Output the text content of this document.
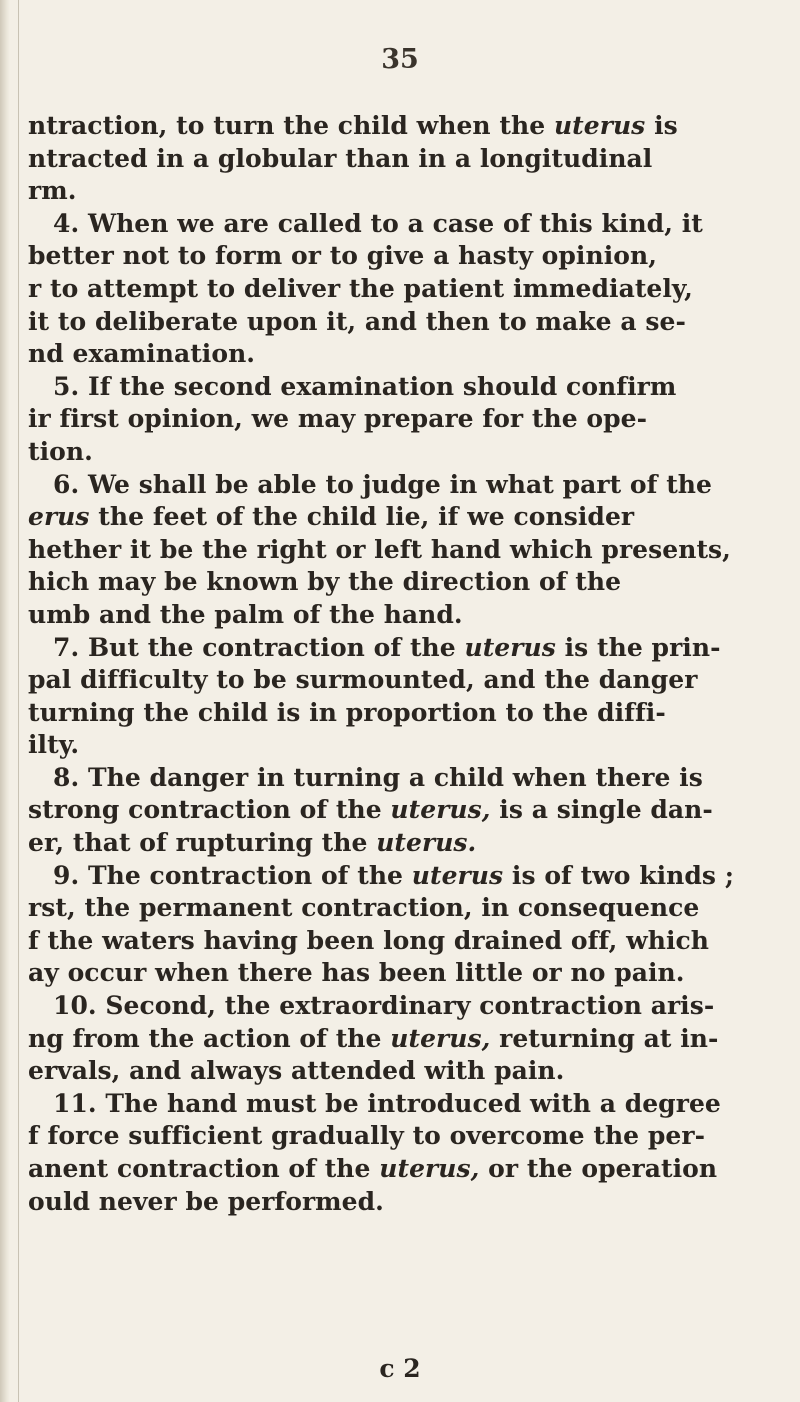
35
ntraction, to turn the child when the uterus is
ntracted in a globular than in a longitudinal
rm.
4. When we are called to a case of this kind, it
better not to form or to give a hasty opinion,
r to attempt to deliver the patient immediately,
it to deliberate upon it, and then to make a se-
nd examination.
5. If the second examination should confirm
ir first opinion, we may prepare for the ope-
tion.
6. We shall be able to judge in what part of the
erus the feet of the child lie, if we consider
hether it be the right or left hand which presents,
hich may be known by the direction of the
umb and the palm of the hand.
7. But the contraction of the uterus is the prin-
pal difficulty to be surmounted, and the danger
turning the child is in proportion to the diffi-
ilty.
8. The danger in turning a child when there is
strong contraction of the uterus, is a single dan-
er, that of rupturing the uterus.
9. The contraction of the uterus is of two kinds ;
rst, the permanent contraction, in consequence
f the waters having been long drained off, which
ay occur when there has been little or no pain.
10. Second, the extraordinary contraction aris-
ng from the action of the uterus, returning at in-
ervals, and always attended with pain.
11. The hand must be introduced with a degree
f force sufficient gradually to overcome the per-
anent contraction of the uterus, or the operation
ould never be performed.
c 2
